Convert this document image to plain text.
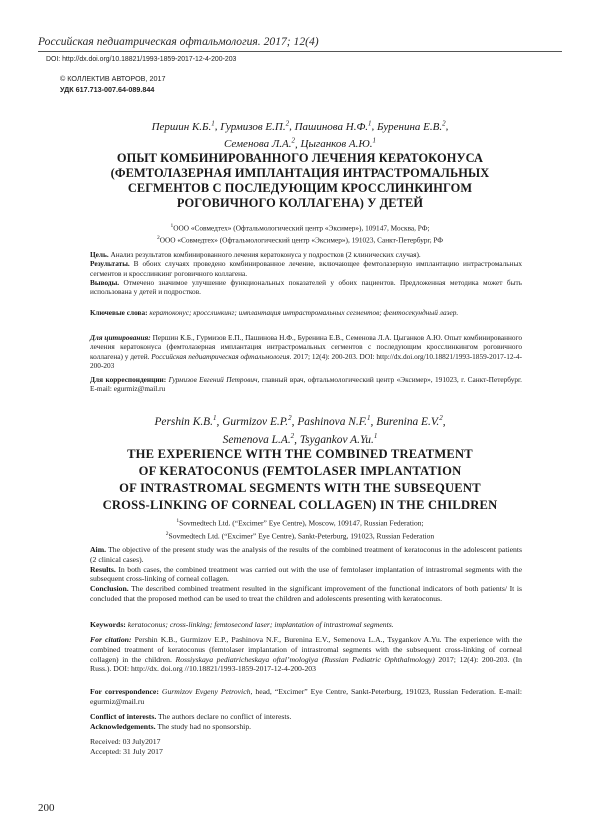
Российская педиатрическая офтальмология. 2017; 12(4)
DOI: http://dx.doi.org/10.18821/1993-1859-2017-12-4-200-203
© КОЛЛЕКТИВ АВТОРОВ, 2017
УДК 617.713-007.64-089.844
Першин К.Б.$^1$, Гурмизов Е.П.$^2$, Пашинова Н.Ф.$^1$, Буренина Е.В.$^2$,
Семенова Л.А.$^2$, Цыганков А.Ю.$^1$
ОПЫТ КОМБИНИРОВАННОГО ЛЕЧЕНИЯ КЕРАТОКОНУСА
(ФЕМТОЛАЗЕРНАЯ ИМПЛАНТАЦИЯ ИНТРАСТРОМАЛЬНЫХ
СЕГМЕНТОВ С ПОСЛЕДУЮЩИМ КРОССЛИНКИНГОМ
РОГОВИЧНОГО КОЛЛАГЕНА) У ДЕТЕЙ
$^1$ООО «Совмедтех» (Офтальмологический центр «Эксимер»), 109147, Москва, РФ;
$^2$ООО «Совмедтех» (Офтальмологический центр «Эксимер»), 191023, Санкт-Петербург, РФ
Цель. Анализ результатов комбинированного лечения кератоконуса у подростков (2 клинических случая).
Результаты. В обоих случаях проведено комбинированное лечение, включающее фемтолазерную имплантацию интрастромальных сегментов и кросслинкинг роговичного коллагена.
Выводы. Отмечено значимое улучшение функциональных показателей у обоих пациентов. Предложенная методика может быть использована у детей и подростков.
Ключевые слова: кератоконус; кросслинкинг; имплантация интрастромальных сегментов; фемтосекундный лазер.
Для цитирования: Першин К.Б., Гурмизов Е.П., Пашинова Н.Ф., Буренина Е.В., Семенова Л.А. Цыганков А.Ю. Опыт комбинированного лечения кератоконуса (фемтолазерная имплантация интрастромальных сегментов с последующим кросслинкингом роговичного коллагена) у детей. Российская педиатрическая офтальмология. 2017; 12(4): 200-203. DOI: http://dx.doi.org/10.18821/1993-1859-2017-12-4-200-203
Для корреспонденции: Гурмизов Евгений Петрович, главный врач, офтальмологический центр «Эксимер», 191023, г. Санкт-Петербург. E-mail: egurmiz@mail.ru
Pershin K.B.$^1$, Gurmizov E.P.$^2$, Pashinova N.F.$^1$, Burenina E.V.$^2$,
Semenova L.A.$^2$, Tsygankov A.Yu.$^1$
THE EXPERIENCE WITH THE COMBINED TREATMENT
OF KERATOCONUS (FEMTOLASER IMPLANTATION
OF INTRASTROMAL SEGMENTS WITH THE SUBSEQUENT
CROSS-LINKING OF CORNEAL COLLAGEN) IN THE CHILDREN
$^1$Sovmedtech Ltd. (“Excimer” Eye Centre), Moscow, 109147, Russian Federation;
$^2$Sovmedtech Ltd. (“Excimer” Eye Centre), Sankt-Peterburg, 191023, Russian Federation
Aim. The objective of the present study was the analysis of the results of the combined treatment of keratoconus in the adolescent patients (2 clinical cases).
Results. In both cases, the combined treatment was carried out with the use of femtolaser implantation of intrastromal segments with the subsequent cross-linking of corneal collagen.
Conclusion. The described combined treatment resulted in the significant improvement of the functional indicators of both patients/ It is concluded that the proposed method can be used to treat the children and adolescents presenting with keratoconus.
Keywords: keratoconus; cross-linking; femtosecond laser; implantation of intrastromal segments.
For citation: Pershin K.B., Gurmizov E.P., Pashinova N.F., Burenina E.V., Semenova L.A., Tsygankov A.Yu. The experience with the combined treatment of keratoconus (femtolaser implantation of intrastromal segments with the subsequent cross-linking of corneal collagen) in the children. Rossiyskaya pediatricheskaya oftal’mologiya (Russian Pediatric Ophthalmology) 2017; 12(4): 200-203. (In Russ.). DOI: http://dx. doi.org //10.18821/1993-1859-2017-12-4-200-203
For correspondence: Gurmizov Evgeny Petrovich, head, “Excimer” Eye Centre, Sankt-Peterburg, 191023, Russian Federation. E-mail: egurmiz@mail.ru
Conflict of interests. The authors declare no conflict of interests.
Acknowledgements. The study had no sponsorship.
Received: 03 July2017
Accepted: 31 July 2017
200
